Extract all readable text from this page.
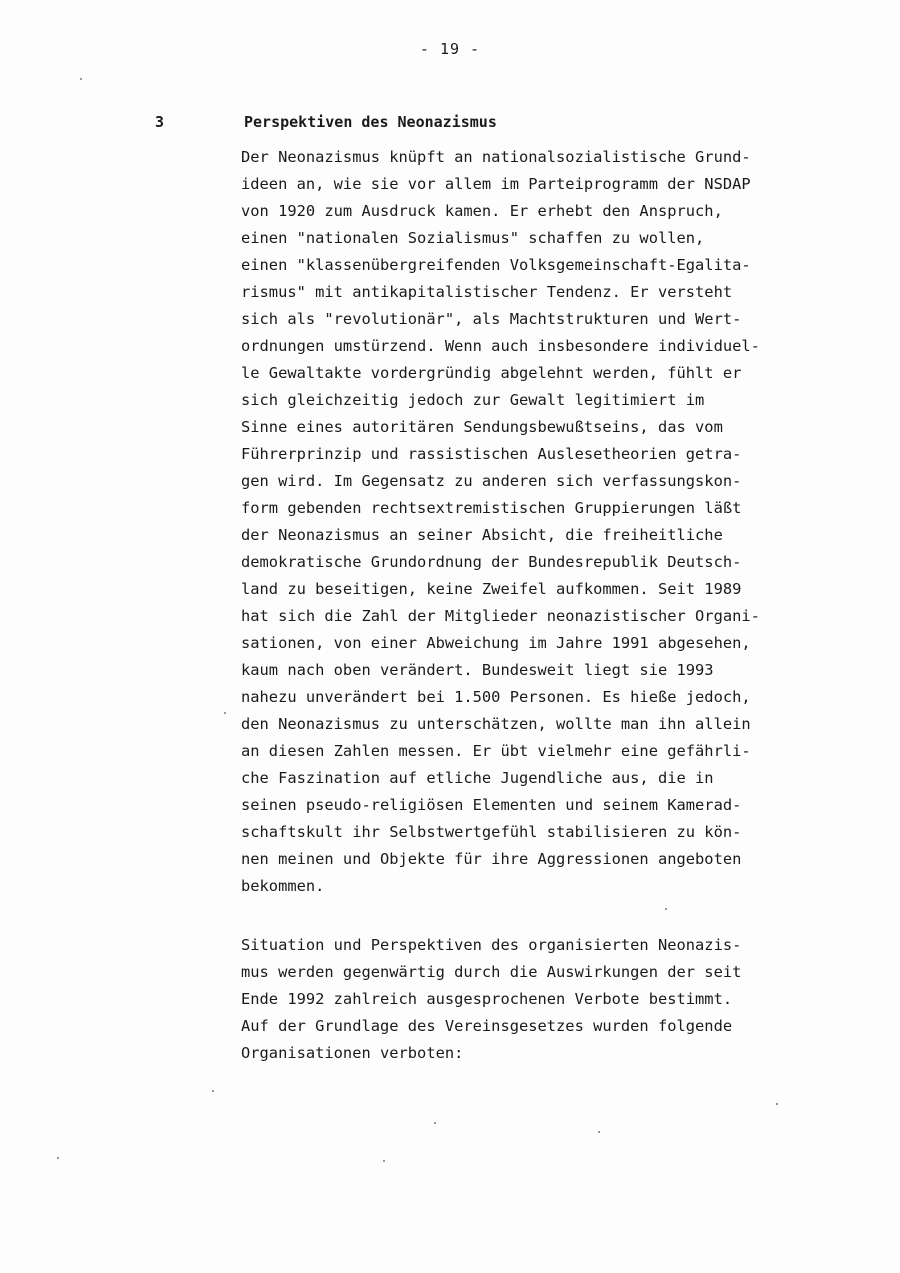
- 19 -
3	Perspektiven des Neonazismus
Der Neonazismus knüpft an nationalsozialistische Grund-
ideen an, wie sie vor allem im Parteiprogramm der NSDAP
von 1920 zum Ausdruck kamen. Er erhebt den Anspruch,
einen "nationalen Sozialismus" schaffen zu wollen,
einen "klassenübergreifenden Volksgemeinschaft-Egalita-
rismus" mit antikapitalistischer Tendenz. Er versteht
sich als "revolutionär", als Machtstrukturen und Wert-
ordnungen umstürzend. Wenn auch insbesondere individuel-
le Gewaltakte vordergründig abgelehnt werden, fühlt er
sich gleichzeitig jedoch zur Gewalt legitimiert im
Sinne eines autoritären Sendungsbewußtseins, das vom
Führerprinzip und rassistischen Auslesetheorien getra-
gen wird. Im Gegensatz zu anderen sich verfassungskon-
form gebenden rechtsextremistischen Gruppierungen läßt
der Neonazismus an seiner Absicht, die freiheitliche
demokratische Grundordnung der Bundesrepublik Deutsch-
land zu beseitigen, keine Zweifel aufkommen. Seit 1989
hat sich die Zahl der Mitglieder neonazistischer Organi-
sationen, von einer Abweichung im Jahre 1991 abgesehen,
kaum nach oben verändert. Bundesweit liegt sie 1993
nahezu unverändert bei 1.500 Personen. Es hieße jedoch,
den Neonazismus zu unterschätzen, wollte man ihn allein
an diesen Zahlen messen. Er übt vielmehr eine gefährli-
che Faszination auf etliche Jugendliche aus, die in
seinen pseudo-religiösen Elementen und seinem Kamerad-
schaftskult ihr Selbstwertgefühl stabilisieren zu kön-
nen meinen und Objekte für ihre Aggressionen angeboten
bekommen.
Situation und Perspektiven des organisierten Neonazis-
mus werden gegenwärtig durch die Auswirkungen der seit
Ende 1992 zahlreich ausgesprochenen Verbote bestimmt.
Auf der Grundlage des Vereinsgesetzes wurden folgende
Organisationen verboten:
